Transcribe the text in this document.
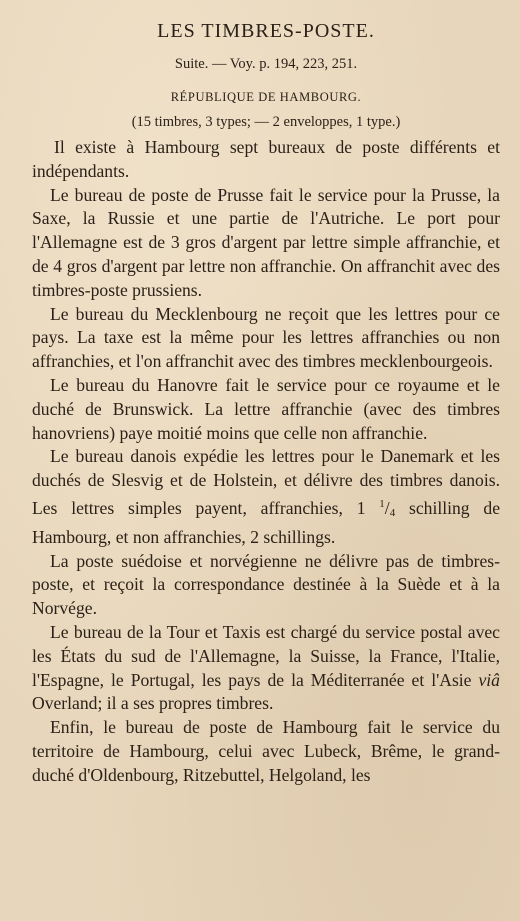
LES TIMBRES-POSTE.
Suite. — Voy. p. 194, 223, 251.
RÉPUBLIQUE DE HAMBOURG.
(15 timbres, 3 types; — 2 enveloppes, 1 type.)

Il existe à Hambourg sept bureaux de poste différents et indépendants.

Le bureau de poste de Prusse fait le service pour la Prusse, la Saxe, la Russie et une partie de l'Autriche. Le port pour l'Allemagne est de 3 gros d'argent par lettre simple affranchie, et de 4 gros d'argent par lettre non affranchie. On affranchit avec des timbres-poste prussiens.

Le bureau du Mecklenbourg ne reçoit que les lettres pour ce pays. La taxe est la même pour les lettres affranchies ou non affranchies, et l'on affranchit avec des timbres mecklenbourgeois.

Le bureau du Hanovre fait le service pour ce royaume et le duché de Brunswick. La lettre affranchie (avec des timbres hanovriens) paye moitié moins que celle non affranchie.

Le bureau danois expédie les lettres pour le Danemark et les duchés de Slesvig et de Holstein, et délivre des timbres danois. Les lettres simples payent, affranchies, 1 $^1/_4$ schilling de Hambourg, et non affranchies, 2 schillings.

La poste suédoise et norvégienne ne délivre pas de timbres-poste, et reçoit la correspondance destinée à la Suède et à la Norvége.

Le bureau de la Tour et Taxis est chargé du service postal avec les États du sud de l'Allemagne, la Suisse, la France, l'Italie, l'Espagne, le Portugal, les pays de la Méditerranée et l'Asie viâ Overland; il a ses propres timbres.

Enfin, le bureau de poste de Hambourg fait le service du territoire de Hambourg, celui avec Lubeck, Brême, le grand-duché d'Oldenbourg, Ritzebuttel, Helgoland, les
